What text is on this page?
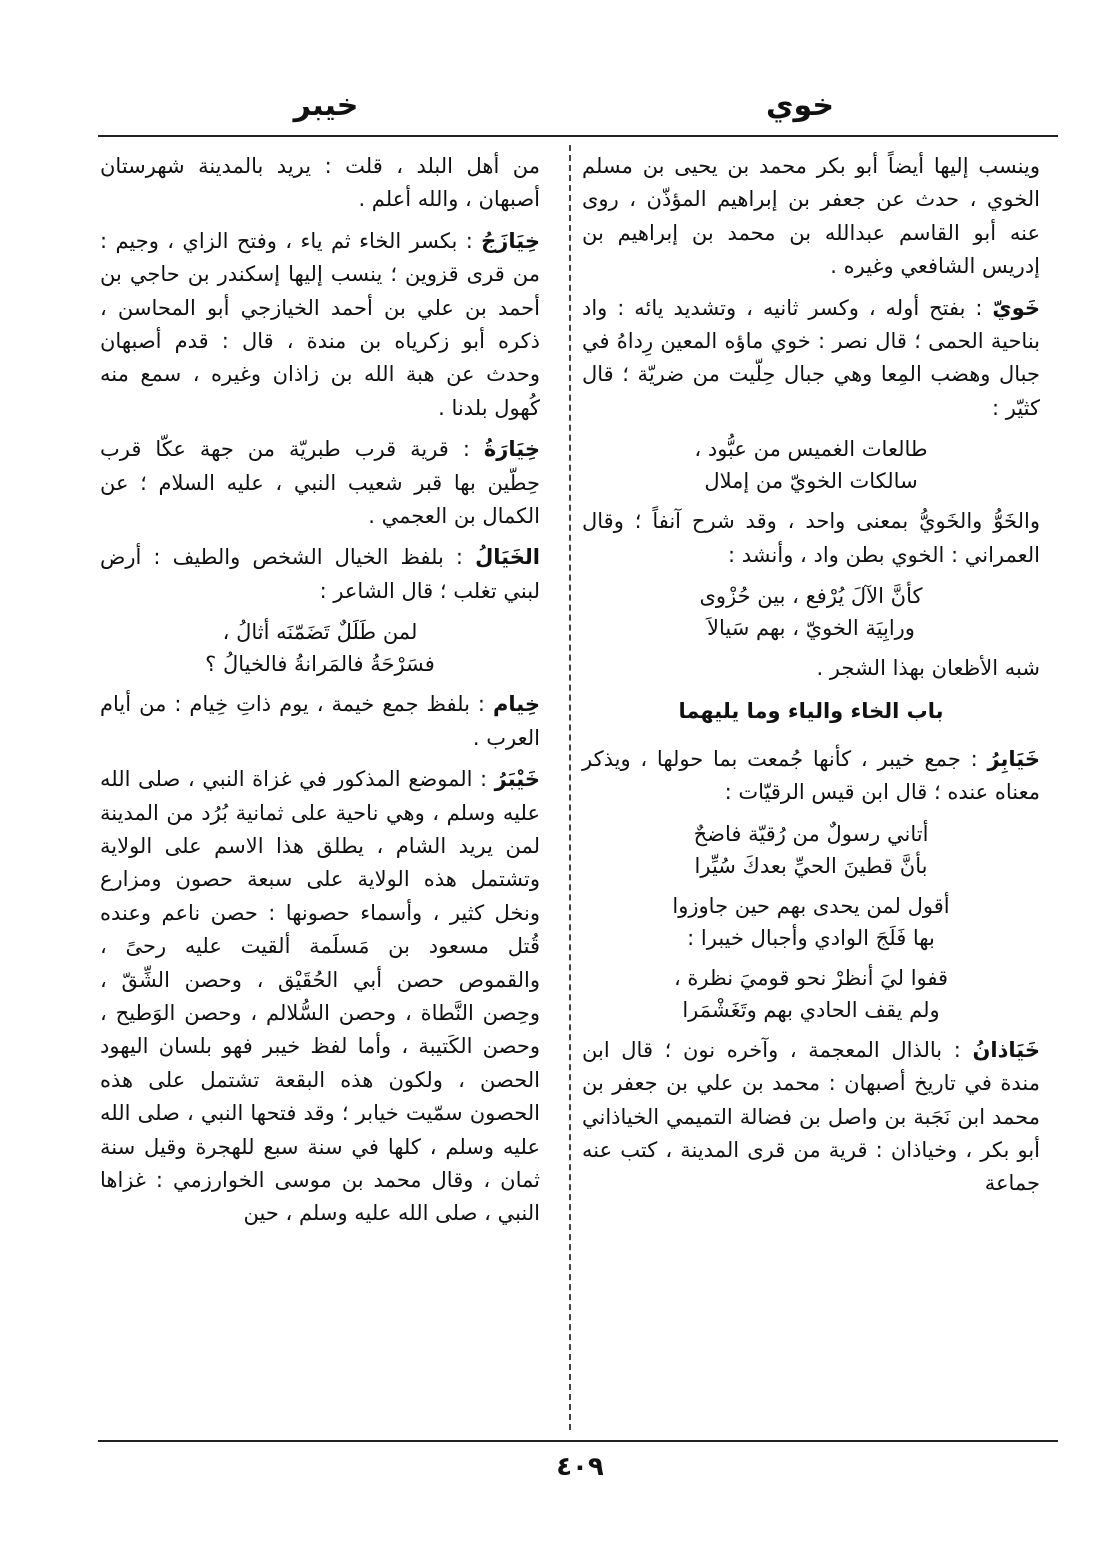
خوي
خيبر

وينسب إليها أيضاً أبو بكر محمد بن يحيى بن مسلم الخوي ، حدث عن جعفر بن إبراهيم المؤذّن ، روى عنه أبو القاسم عبدالله بن محمد بن إبراهيم بن إدريس الشافعي وغيره .

خَويّ : بفتح أوله ، وكسر ثانيه ، وتشديد يائه : واد بناحية الحمى ؛ قال نصر : خوي ماؤه المعين رِداهُ في جبال وهضب المِعا وهي جبال حِلّيت من ضريّة ؛ قال كثيّر :

طالعات الغميس من عبُّود ،
سالكات الخويّ من إملال

والخَوُّ والخَويُّ بمعنى واحد ، وقد شرح آنفاً ؛ وقال العمراني : الخوي بطن واد ، وأنشد :

كأنَّ الآلَ يُرْفع ، بين حُزْوى
ورابِيَة الخويّ ، بهم سَيالاَ

شبه الأظعان بهذا الشجر .

باب الخاء والياء وما يليهما

خَيَابِرُ : جمع خيبر ، كأنها جُمعت بما حولها ، ويذكر معناه عنده ؛ قال ابن قيس الرقيّات :

أتاني رسولٌ من رُقيّة فاضحٌ
بأنَّ قطينَ الحيِّ بعدكَ سُيِّرا
أقول لمن يحدى بهم حين جاوزوا
بها فَلَجَ الوادي وأجبال خيبرا :
قفوا ليَ أنظرْ نحو قوميَ نظرة ،
ولم يقف الحادي بهم وتَغَشْمَرا

خَيَاذانُ : بالذال المعجمة ، وآخره نون ؛ قال ابن مندة في تاريخ أصبهان : محمد بن علي بن جعفر بن محمد ابن نَجَبة بن واصل بن فضالة التميمي الخياذاني أبو بكر ، وخياذان : قرية من قرى المدينة ، كتب عنه جماعة

من أهل البلد ، قلت : يريد بالمدينة شهرستان أصبهان ، والله أعلم .

خِيَازَجُ : بكسر الخاء ثم ياء ، وفتح الزاي ، وجيم : من قرى قزوين ؛ ينسب إليها إسكندر بن حاجي بن أحمد بن علي بن أحمد الخيازجي أبو المحاسن ، ذكره أبو زكرياه بن مندة ، قال : قدم أصبهان وحدث عن هبة الله بن زاذان وغيره ، سمع منه كُهول بلدنا .

خِيَارَةُ : قرية قرب طبريّة من جهة عكّا قرب حِطّين بها قبر شعيب النبي ، عليه السلام ؛ عن الكمال بن العجمي .

الخَيَالُ : بلفظ الخيال الشخص والطيف : أرض لبني تغلب ؛ قال الشاعر :

لمن طَلَلٌ تَضَمّنَه أثالُ ،
فسَرْحَةُ فالمَرانةُ فالخيالُ ؟

خِيام : بلفظ جمع خيمة ، يوم ذاتِ خِيام : من أيام العرب .

خَيْبَرُ : الموضع المذكور في غزاة النبي ، صلى الله عليه وسلم ، وهي ناحية على ثمانية بُرُد من المدينة لمن يريد الشام ، يطلق هذا الاسم على الولاية وتشتمل هذه الولاية على سبعة حصون ومزارع ونخل كثير ، وأسماء حصونها : حصن ناعم وعنده قُتل مسعود بن مَسلَمة ألقيت عليه رحىً ، والقموص حصن أبي الحُقَيْق ، وحصن الشِّقّ ، وحِصن النَّطاة ، وحصن السُّلالم ، وحصن الوَطيح ، وحصن الكَتيبة ، وأما لفظ خيبر فهو بلسان اليهود الحصن ، ولكون هذه البقعة تشتمل على هذه الحصون سمّيت خيابر ؛ وقد فتحها النبي ، صلى الله عليه وسلم ، كلها في سنة سبع للهجرة وقيل سنة ثمان ، وقال محمد بن موسى الخوارزمي : غزاها النبي ، صلى الله عليه وسلم ، حين

٤٠٩
